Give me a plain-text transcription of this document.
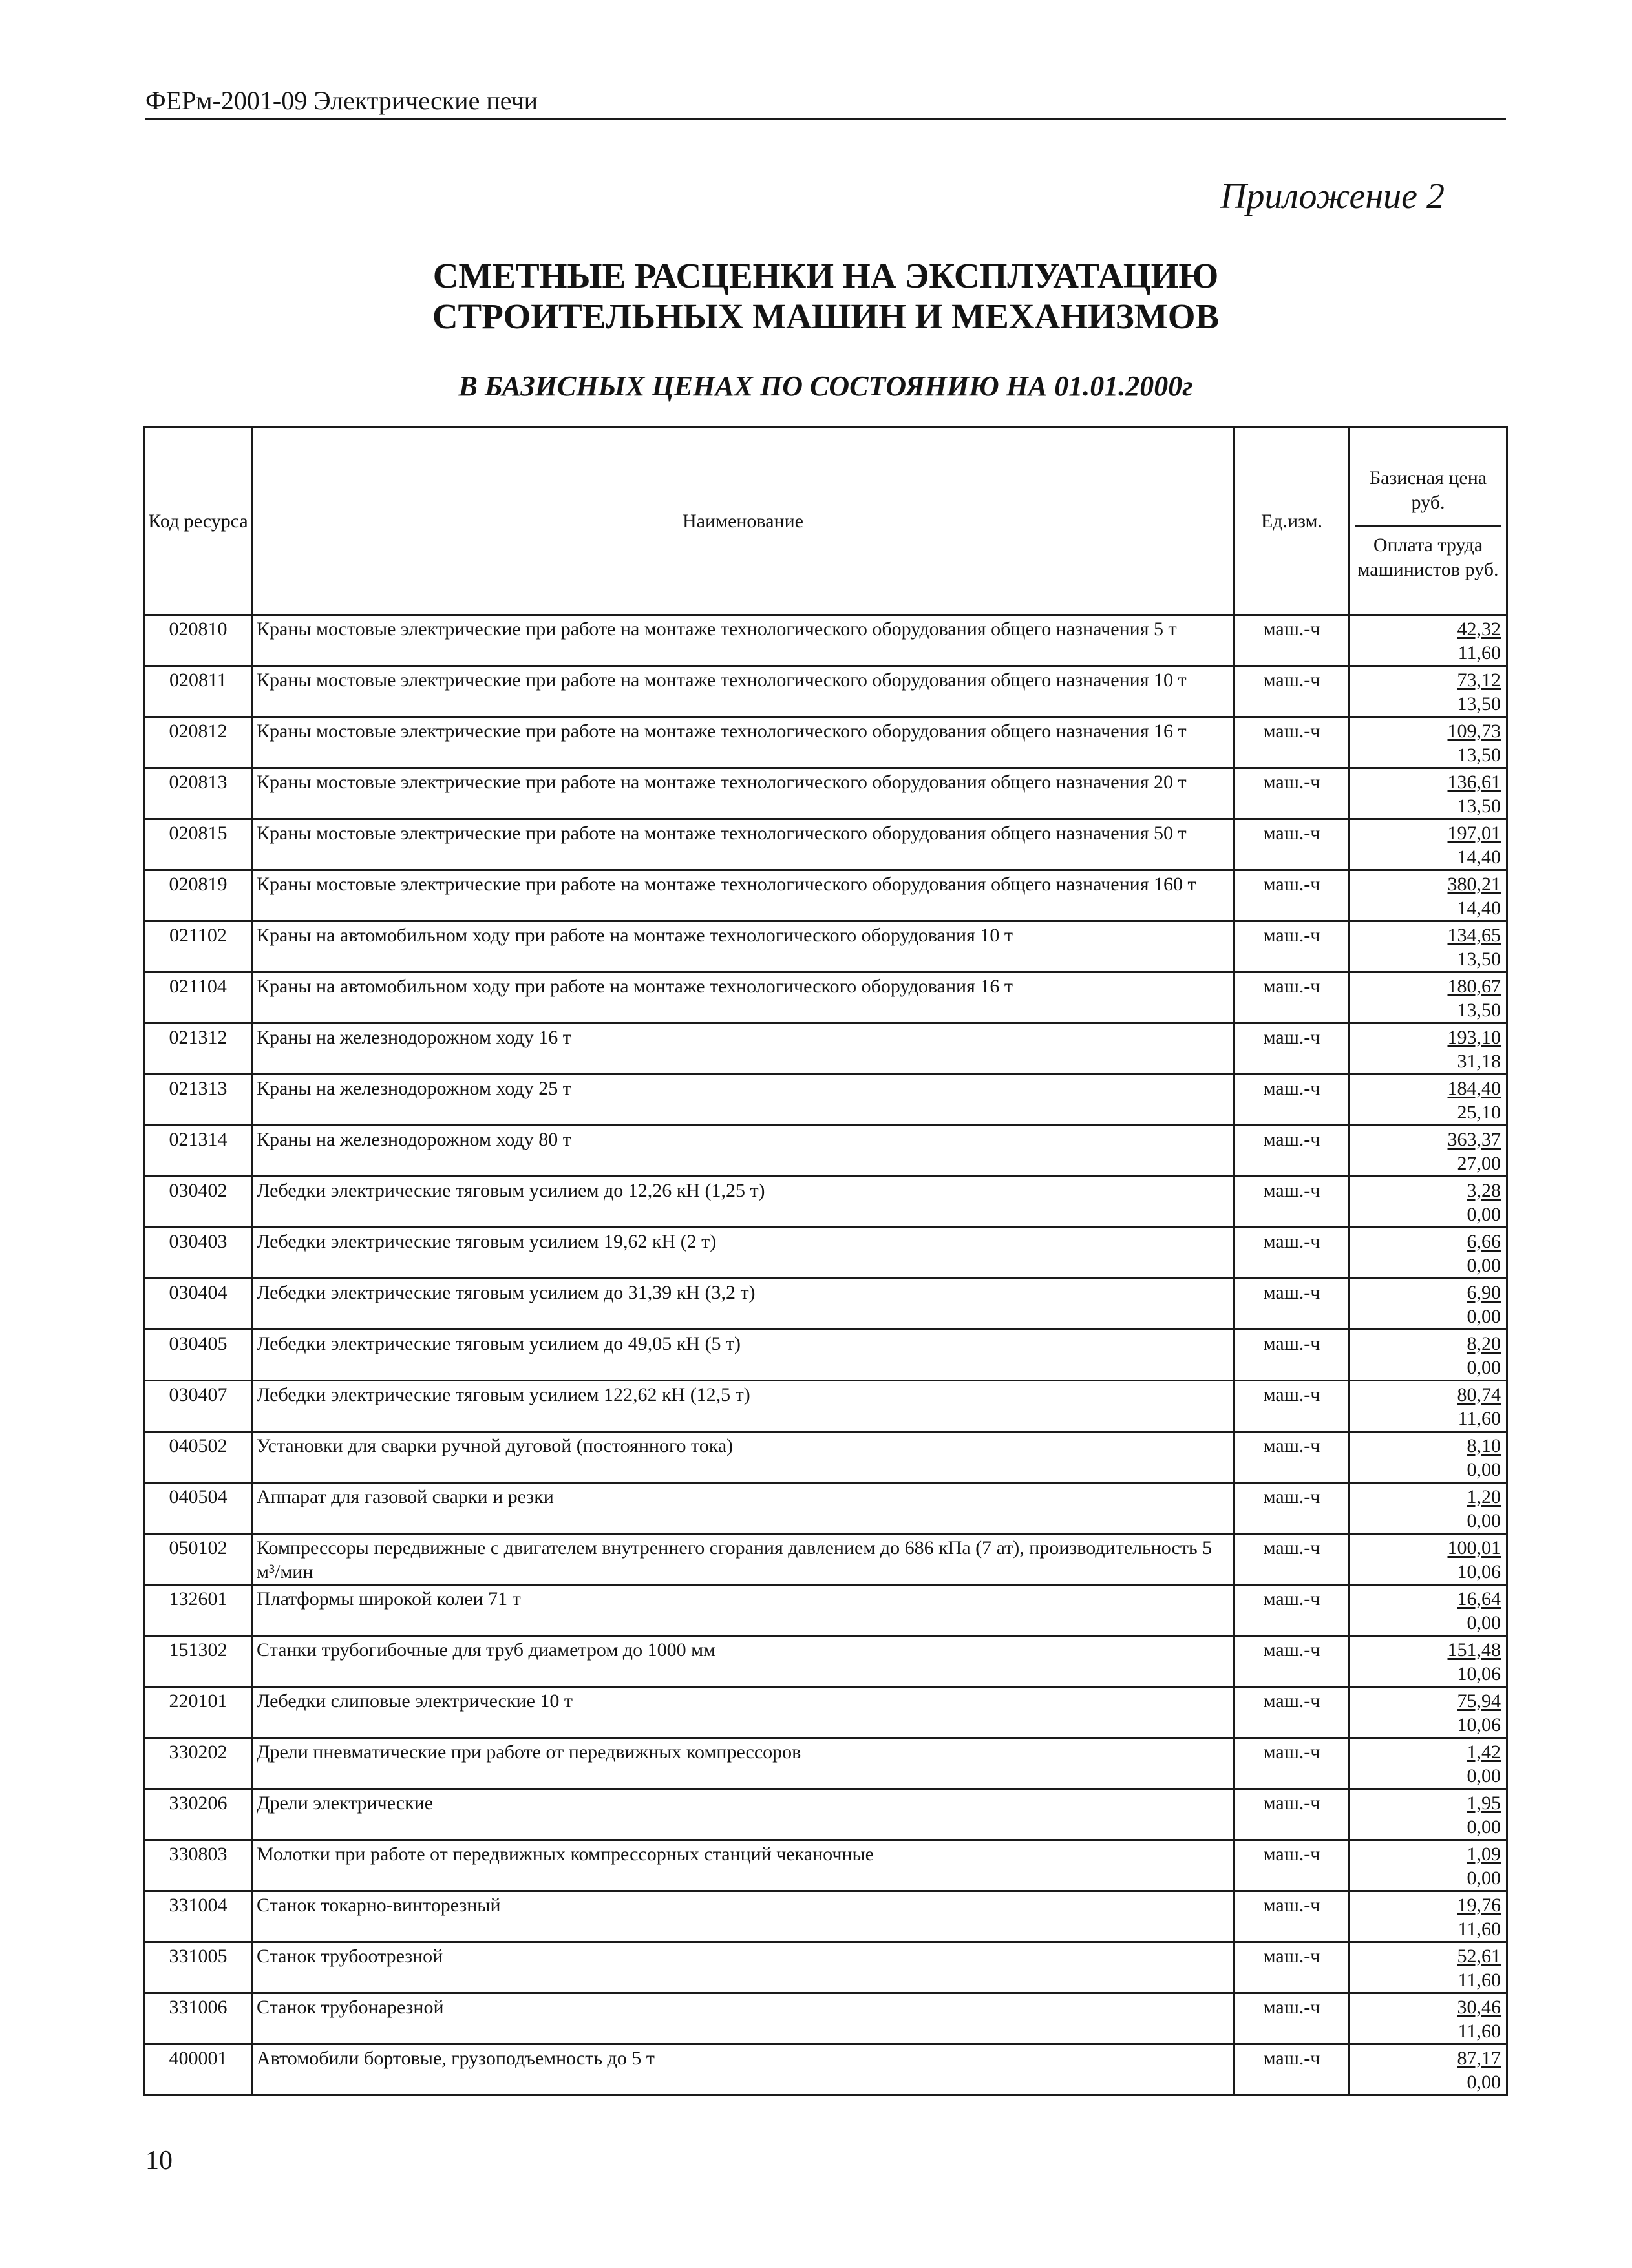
ФЕРм-2001-09 Электрические печи
Приложение 2
СМЕТНЫЕ РАСЦЕНКИ НА ЭКСПЛУАТАЦИЮ
СТРОИТЕЛЬНЫХ МАШИН И МЕХАНИЗМОВ
В БАЗИСНЫХ ЦЕНАХ ПО СОСТОЯНИЮ НА 01.01.2000г
Код ресурса	Наименование	Ед.изм.	Базисная цена руб.
Оплата труда машинистов руб.

020810	Краны мостовые электрические при работе на монтаже технологического оборудования общего назначения 5 т	маш.-ч	42,32
11,60

020811	Краны мостовые электрические при работе на монтаже технологического оборудования общего назначения 10 т	маш.-ч	73,12
13,50

020812	Краны мостовые электрические при работе на монтаже технологического оборудования общего назначения 16 т	маш.-ч	109,73
13,50

020813	Краны мостовые электрические при работе на монтаже технологического оборудования общего назначения 20 т	маш.-ч	136,61
13,50

020815	Краны мостовые электрические при работе на монтаже технологического оборудования общего назначения 50 т	маш.-ч	197,01
14,40

020819	Краны мостовые электрические при работе на монтаже технологического оборудования общего назначения 160 т	маш.-ч	380,21
14,40

021102	Краны на автомобильном ходу при работе на монтаже технологического оборудования 10 т	маш.-ч	134,65
13,50

021104	Краны на автомобильном ходу при работе на монтаже технологического оборудования 16 т	маш.-ч	180,67
13,50

021312	Краны на железнодорожном ходу 16 т	маш.-ч	193,10
31,18

021313	Краны на железнодорожном ходу 25 т	маш.-ч	184,40
25,10

021314	Краны на железнодорожном ходу 80 т	маш.-ч	363,37
27,00

030402	Лебедки электрические тяговым усилием до 12,26 кН (1,25 т)	маш.-ч	3,28
0,00

030403	Лебедки электрические тяговым усилием 19,62 кН (2 т)	маш.-ч	6,66
0,00

030404	Лебедки электрические тяговым усилием до 31,39 кН (3,2 т)	маш.-ч	6,90
0,00

030405	Лебедки электрические тяговым усилием до 49,05 кН (5 т)	маш.-ч	8,20
0,00

030407	Лебедки электрические тяговым усилием 122,62 кН (12,5 т)	маш.-ч	80,74
11,60

040502	Установки для сварки ручной дуговой (постоянного тока)	маш.-ч	8,10
0,00

040504	Аппарат для газовой сварки и резки	маш.-ч	1,20
0,00

050102	Компрессоры передвижные с двигателем внутреннего сгорания давлением до 686 кПа (7 ат), производительность 5 м³/мин	маш.-ч	100,01
10,06

132601	Платформы широкой колеи 71 т	маш.-ч	16,64
0,00

151302	Станки трубогибочные для труб диаметром до 1000 мм	маш.-ч	151,48
10,06

220101	Лебедки слиповые электрические 10 т	маш.-ч	75,94
10,06

330202	Дрели пневматические при работе от передвижных компрессоров	маш.-ч	1,42
0,00

330206	Дрели электрические	маш.-ч	1,95
0,00

330803	Молотки при работе от передвижных компрессорных станций чеканочные	маш.-ч	1,09
0,00

331004	Станок токарно-винторезный	маш.-ч	19,76
11,60

331005	Станок трубоотрезной	маш.-ч	52,61
11,60

331006	Станок трубонарезной	маш.-ч	30,46
11,60

400001	Автомобили бортовые, грузоподъемность до 5 т	маш.-ч	87,17
0,00
10
